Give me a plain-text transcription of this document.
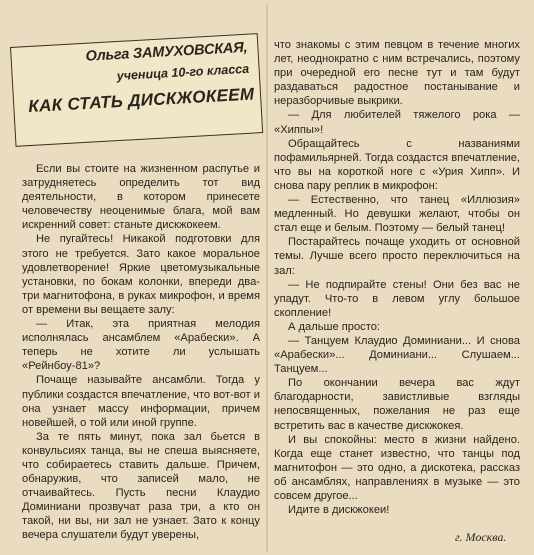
Ольга ЗАМУХОВСКАЯ,
ученица 10-го класса
КАК СТАТЬ ДИСКЖОКЕЕМ

Если вы стоите на жизненном распутье и затрудняетесь определить тот вид деятельности, в котором принесете человечеству неоценимые блага, мой вам искренний совет: станьте дискжокеем.

Не пугайтесь! Никакой подготовки для этого не требуется. Зато какое моральное удовлетворение! Яркие цветомузыкальные установки, по бокам колонки, впереди два-три магнитофона, в руках микрофон, и время от времени вы вещаете залу:

— Итак, эта приятная мелодия исполнялась ансамблем «Арабески». А теперь не хотите ли услышать «Рейнбоу-81»?

Почаще называйте ансамбли. Тогда у публики создастся впечатление, что вот-вот и она узнает массу информации, причем новейшей, о той или иной группе.

За те пять минут, пока зал бьется в конвульсиях танца, вы не спеша выясняете, что собираетесь ставить дальше. Причем, обнаружив, что записей мало, не отчаивайтесь. Пусть песни Клаудио Доминиани прозвучат раза три, а кто он такой, ни вы, ни зал не узнает. Зато к концу вечера слушатели будут уверены,

что знакомы с этим певцом в течение многих лет, неоднократно с ним встречались, поэтому при очередной его песне тут и там будут раздаваться радостное постанывание и неразборчивые выкрики.

— Для любителей тяжелого рока — «Хиппы»!

Обращайтесь с названиями пофамильярней. Тогда создастся впечатление, что вы на короткой ноге с «Урия Хипп». И снова пару реплик в микрофон:

— Естественно, что танец «Иллюзия» медленный. Но девушки желают, чтобы он стал еще и белым. Поэтому — белый танец!

Постарайтесь почаще уходить от основной темы. Лучше всего просто переключиться на зал:

— Не подпирайте стены! Они без вас не упадут. Что-то в левом углу большое скопление!

А дальше просто:

— Танцуем Клаудио Доминиани... И снова «Арабески»... Доминиани... Слушаем... Танцуем...

По окончании вечера вас ждут благодарности, завистливые взгляды непосвященных, пожелания не раз еще встретить вас в качестве дискжокея.

И вы спокойны: место в жизни найдено. Когда еще станет известно, что танцы под магнитофон — это одно, а дискотека, рассказ об ансамблях, направлениях в музыке — это совсем другое...

Идите в дискжокеи!

г. Москва.
